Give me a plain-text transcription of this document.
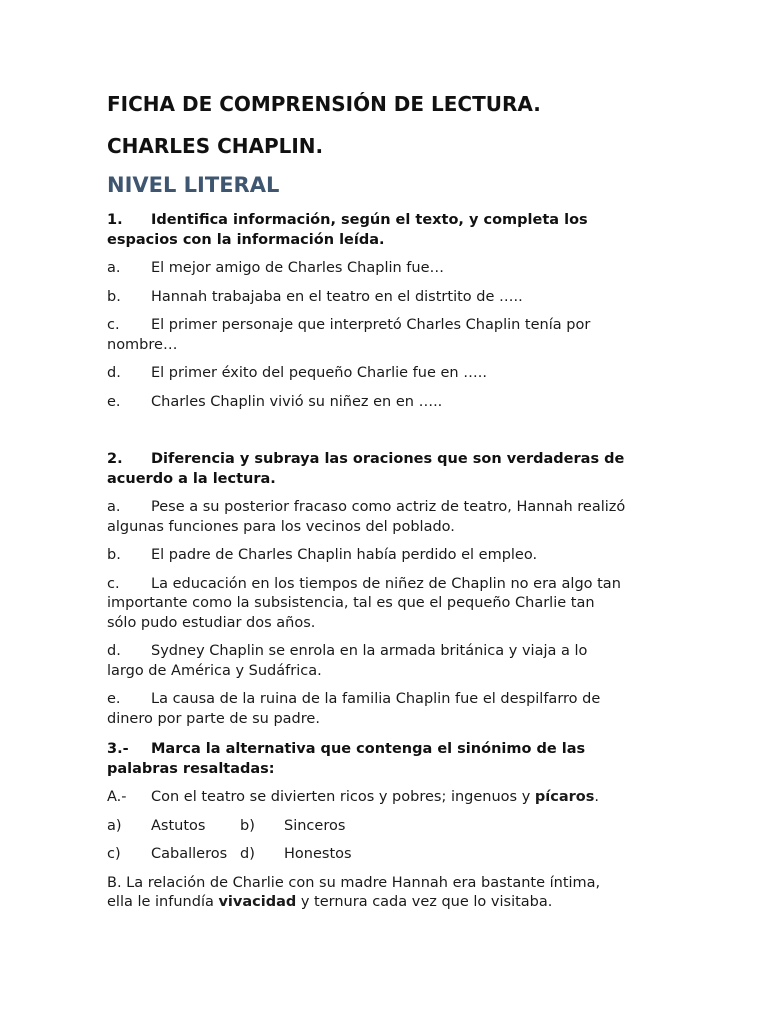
FICHA DE COMPRENSIÓN DE LECTURA.
CHARLES CHAPLIN.
NIVEL LITERAL

1. Identifica información, según el texto, y completa los espacios con la información leída.

a. El mejor amigo de Charles Chaplin fue…

b. Hannah trabajaba en el teatro en el distrtito de …..

c. El primer personaje que interpretó Charles Chaplin tenía por nombre…

d. El primer éxito del pequeño Charlie fue en …..

e. Charles Chaplin vivió su niñez en en …..

2. Diferencia y subraya las oraciones que son verdaderas de acuerdo a la lectura.

a. Pese a su posterior fracaso como actriz de teatro, Hannah realizó algunas funciones para los vecinos del poblado.

b. El padre de Charles Chaplin había perdido el empleo.

c. La educación en los tiempos de niñez de Chaplin no era algo tan importante como la subsistencia, tal es que el pequeño Charlie tan sólo pudo estudiar dos años.

d. Sydney Chaplin se enrola en la armada británica y viaja a lo largo de América y Sudáfrica.

e. La causa de la ruina de la familia Chaplin fue el despilfarro de dinero por parte de su padre.

3.- Marca la alternativa que contenga el sinónimo de las palabras resaltadas:

A.- Con el teatro se divierten ricos y pobres; ingenuos y pícaros.

a) Astutos b) Sinceros

c) Caballeros d) Honestos

B. La relación de Charlie con su madre Hannah era bastante íntima, ella le infundía vivacidad y ternura cada vez que lo visitaba.
